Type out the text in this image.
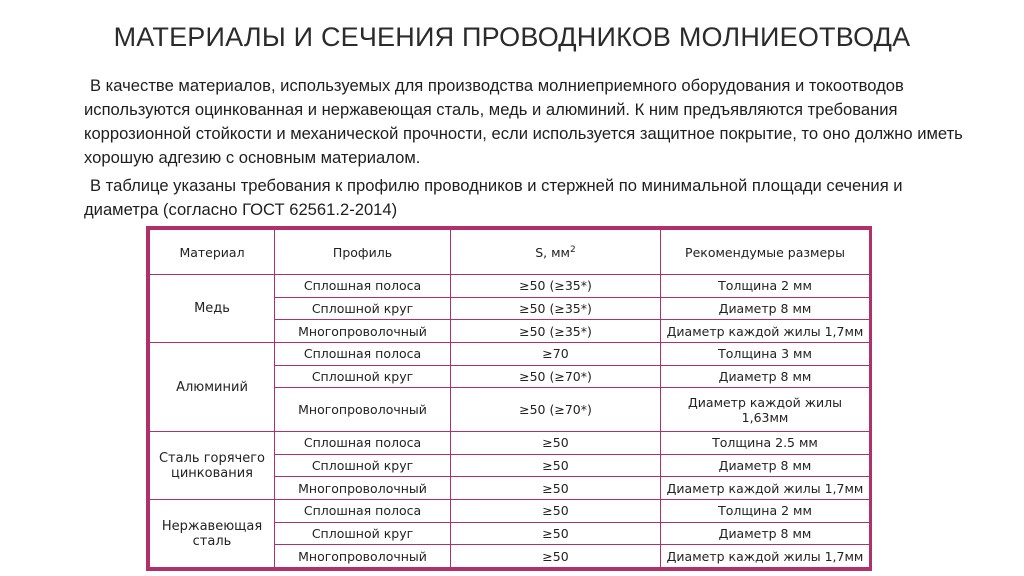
МАТЕРИАЛЫ И СЕЧЕНИЯ ПРОВОДНИКОВ МОЛНИЕОТВОДА

В качестве материалов, используемых для производства молниеприемного оборудования и токоотводов используются оцинкованная и нержавеющая сталь, медь и алюминий. К ним предъявляются требования коррозионной стойкости и механической прочности, если используется защитное покрытие, то оно должно иметь хорошую адгезию с основным материалом.

В таблице указаны требования к профилю проводников и стержней по минимальной площади сечения и диаметра (согласно ГОСТ 62561.2-2014)

Материал	Профиль	S, $мм^2$	Рекомендумые размеры
Медь	Сплошная полоса	≥50 (≥35*)	Толщина 2 мм
	Сплошной круг	≥50 (≥35*)	Диаметр 8 мм
	Многопроволочный	≥50 (≥35*)	Диаметр каждой жилы 1,7мм
Алюминий	Сплошная полоса	≥70	Толщина 3 мм
	Сплошной круг	≥50 (≥70*)	Диаметр 8 мм
	Многопроволочный	≥50 (≥70*)	Диаметр каждой жилы 1,63мм
Сталь горячего цинкования	Сплошная полоса	≥50	Толщина 2.5 мм
	Сплошной круг	≥50	Диаметр 8 мм
	Многопроволочный	≥50	Диаметр каждой жилы 1,7мм
Нержавеющая сталь	Сплошная полоса	≥50	Толщина 2 мм
	Сплошной круг	≥50	Диаметр 8 мм
	Многопроволочный	≥50	Диаметр каждой жилы 1,7мм
